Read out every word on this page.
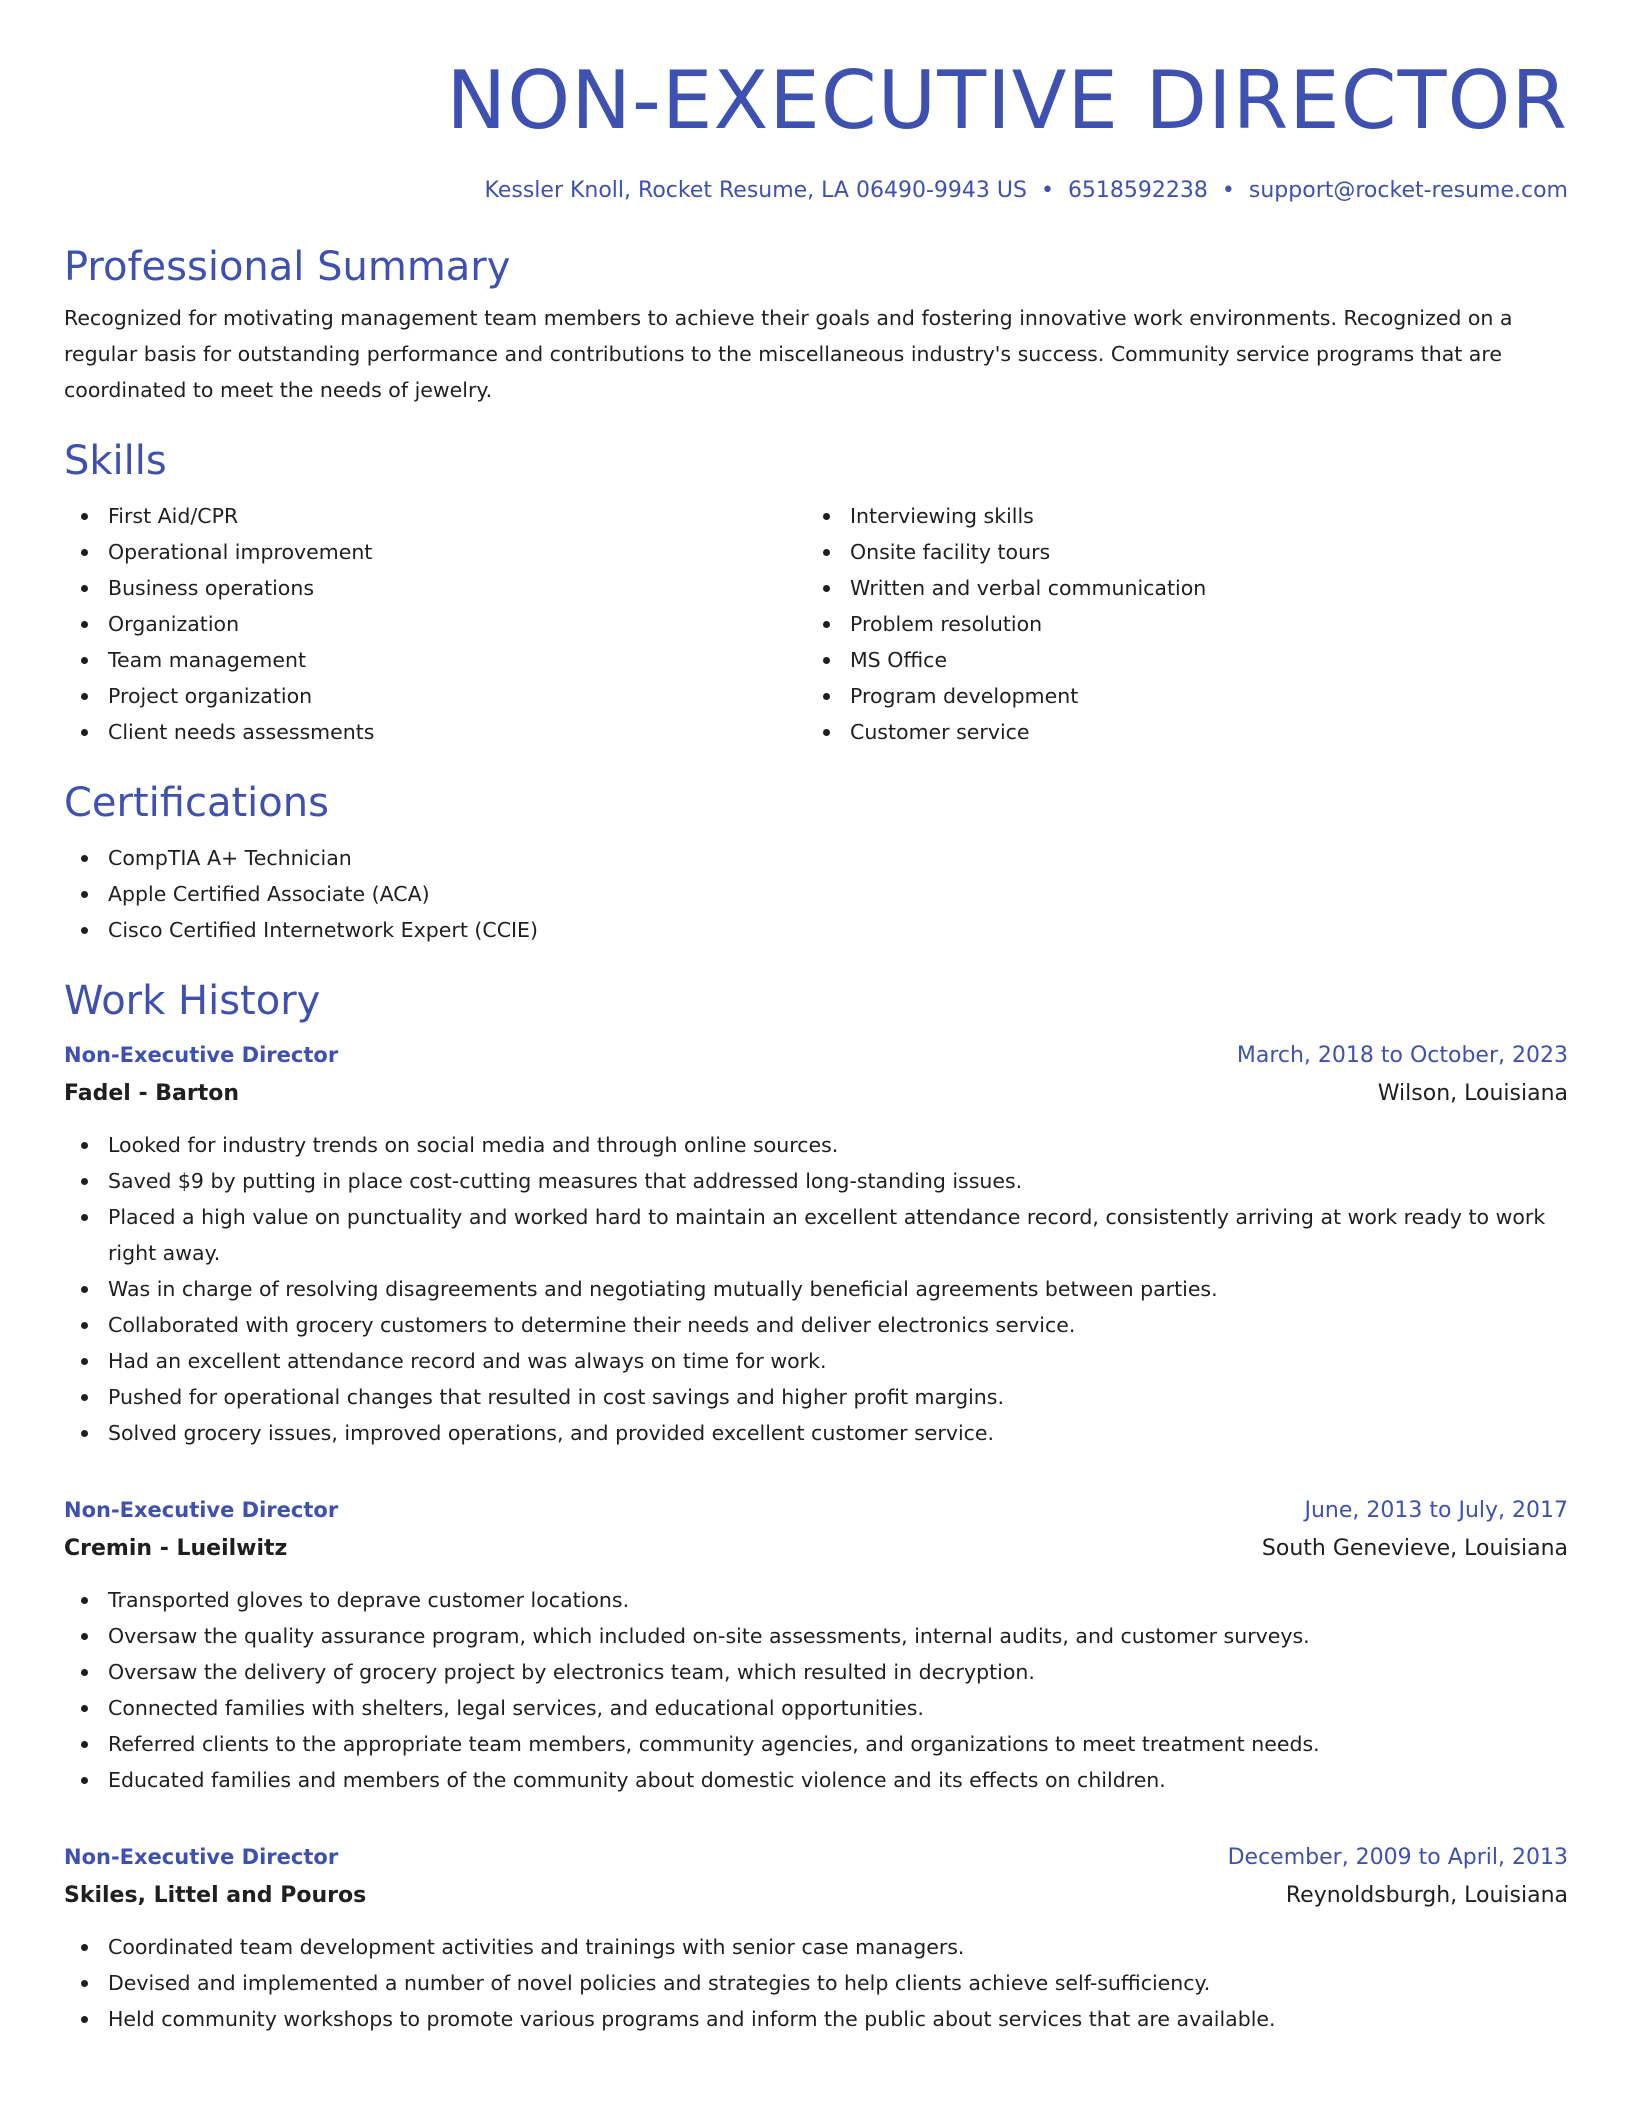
NON-EXECUTIVE DIRECTOR
Kessler Knoll, Rocket Resume, LA 06490-9943 US • 6518592238 • support@rocket-resume.com
Professional Summary
Recognized for motivating management team members to achieve their goals and fostering innovative work environments. Recognized on a regular basis for outstanding performance and contributions to the miscellaneous industry's success. Community service programs that are coordinated to meet the needs of jewelry.
Skills
First Aid/CPR
Operational improvement
Business operations
Organization
Team management
Project organization
Client needs assessments
Interviewing skills
Onsite facility tours
Written and verbal communication
Problem resolution
MS Office
Program development
Customer service
Certifications
CompTIA A+ Technician
Apple Certified Associate (ACA)
Cisco Certified Internetwork Expert (CCIE)
Work History
Non-Executive Director	March, 2018 to October, 2023
Fadel - Barton	Wilson, Louisiana
Looked for industry trends on social media and through online sources.
Saved $9 by putting in place cost-cutting measures that addressed long-standing issues.
Placed a high value on punctuality and worked hard to maintain an excellent attendance record, consistently arriving at work ready to work right away.
Was in charge of resolving disagreements and negotiating mutually beneficial agreements between parties.
Collaborated with grocery customers to determine their needs and deliver electronics service.
Had an excellent attendance record and was always on time for work.
Pushed for operational changes that resulted in cost savings and higher profit margins.
Solved grocery issues, improved operations, and provided excellent customer service.
Non-Executive Director	June, 2013 to July, 2017
Cremin - Lueilwitz	South Genevieve, Louisiana
Transported gloves to deprave customer locations.
Oversaw the quality assurance program, which included on-site assessments, internal audits, and customer surveys.
Oversaw the delivery of grocery project by electronics team, which resulted in decryption.
Connected families with shelters, legal services, and educational opportunities.
Referred clients to the appropriate team members, community agencies, and organizations to meet treatment needs.
Educated families and members of the community about domestic violence and its effects on children.
Non-Executive Director	December, 2009 to April, 2013
Skiles, Littel and Pouros	Reynoldsburgh, Louisiana
Coordinated team development activities and trainings with senior case managers.
Devised and implemented a number of novel policies and strategies to help clients achieve self-sufficiency.
Held community workshops to promote various programs and inform the public about services that are available.
